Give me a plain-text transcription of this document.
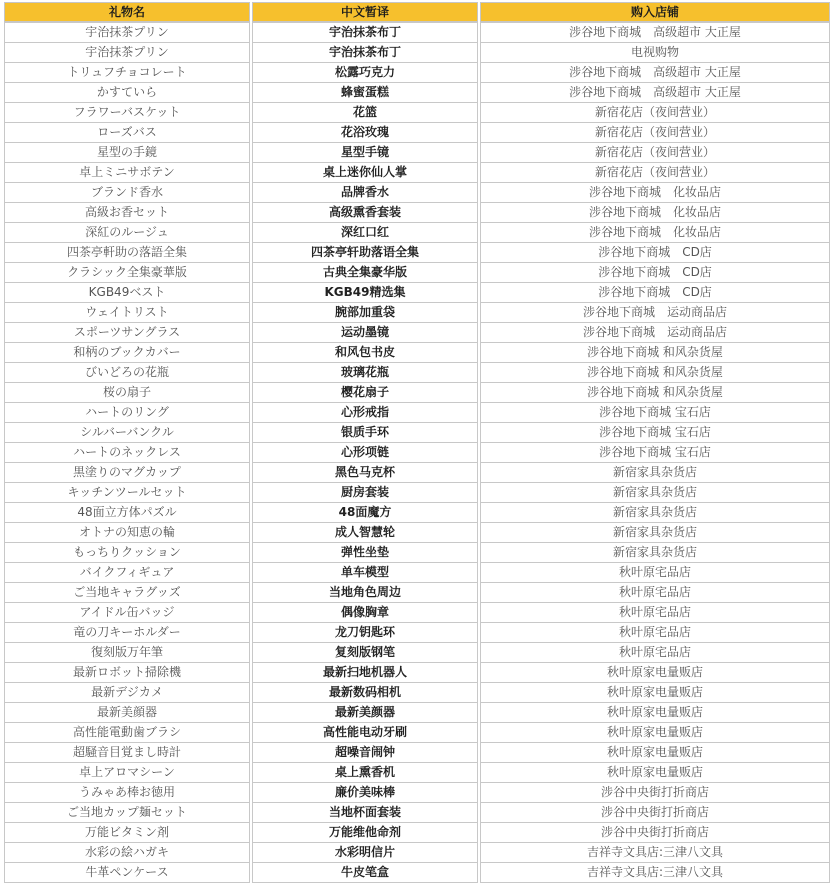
礼物名	中文暂译	购入店铺
宇治抹茶プリン	宇治抹茶布丁	涉谷地下商城　高级超市 大正屋
宇治抹茶プリン	宇治抹茶布丁	电视购物
トリュフチョコレート	松露巧克力	涉谷地下商城　高级超市 大正屋
かすていら	蜂蜜蛋糕	涉谷地下商城　高级超市 大正屋
フラワーバスケット	花篮	新宿花店（夜间营业）
ローズバス	花浴玫瑰	新宿花店（夜间营业）
星型の手鏡	星型手镜	新宿花店（夜间营业）
卓上ミニサボテン	桌上迷你仙人掌	新宿花店（夜间营业）
ブランド香水	品牌香水	涉谷地下商城　化妆品店
高級お香セット	高级熏香套装	涉谷地下商城　化妆品店
深紅のルージュ	深红口红	涉谷地下商城　化妆品店
四茶亭軒助の落語全集	四茶亭轩助落语全集	涉谷地下商城　CD店
クラシック全集豪華版	古典全集豪华版	涉谷地下商城　CD店
KGB49ベスト	KGB49精选集	涉谷地下商城　CD店
ウェイトリスト	腕部加重袋	涉谷地下商城　运动商品店
スポーツサングラス	运动墨镜	涉谷地下商城　运动商品店
和柄のブックカバー	和风包书皮	涉谷地下商城 和风杂货屋
びいどろの花瓶	玻璃花瓶	涉谷地下商城 和风杂货屋
桜の扇子	樱花扇子	涉谷地下商城 和风杂货屋
ハートのリング	心形戒指	涉谷地下商城 宝石店
シルバーバンクル	银质手环	涉谷地下商城 宝石店
ハートのネックレス	心形项链	涉谷地下商城 宝石店
黒塗りのマグカップ	黑色马克杯	新宿家具杂货店
キッチンツールセット	厨房套装	新宿家具杂货店
48面立方体パズル	48面魔方	新宿家具杂货店
オトナの知恵の輪	成人智慧轮	新宿家具杂货店
もっちりクッション	弹性坐垫	新宿家具杂货店
バイクフィギュア	单车模型	秋叶原宅品店
ご当地キャラグッズ	当地角色周边	秋叶原宅品店
アイドル缶バッジ	偶像胸章	秋叶原宅品店
竜の刀キーホルダー	龙刀钥匙环	秋叶原宅品店
復刻版万年筆	复刻版钢笔	秋叶原宅品店
最新ロボット掃除機	最新扫地机器人	秋叶原家电量贩店
最新デジカメ	最新数码相机	秋叶原家电量贩店
最新美顔器	最新美颜器	秋叶原家电量贩店
高性能電動歯ブラシ	高性能电动牙刷	秋叶原家电量贩店
超騒音目覚まし時計	超噪音闹钟	秋叶原家电量贩店
卓上アロマシーン	桌上熏香机	秋叶原家电量贩店
うみゃあ棒お徳用	廉价美味棒	涉谷中央街打折商店
ご当地カップ麺セット	当地杯面套装	涉谷中央街打折商店
万能ビタミン剤	万能维他命剂	涉谷中央街打折商店
水彩の絵ハガキ	水彩明信片	吉祥寺文具店:三津八文具
牛革ペンケース	牛皮笔盒	吉祥寺文具店:三津八文具
